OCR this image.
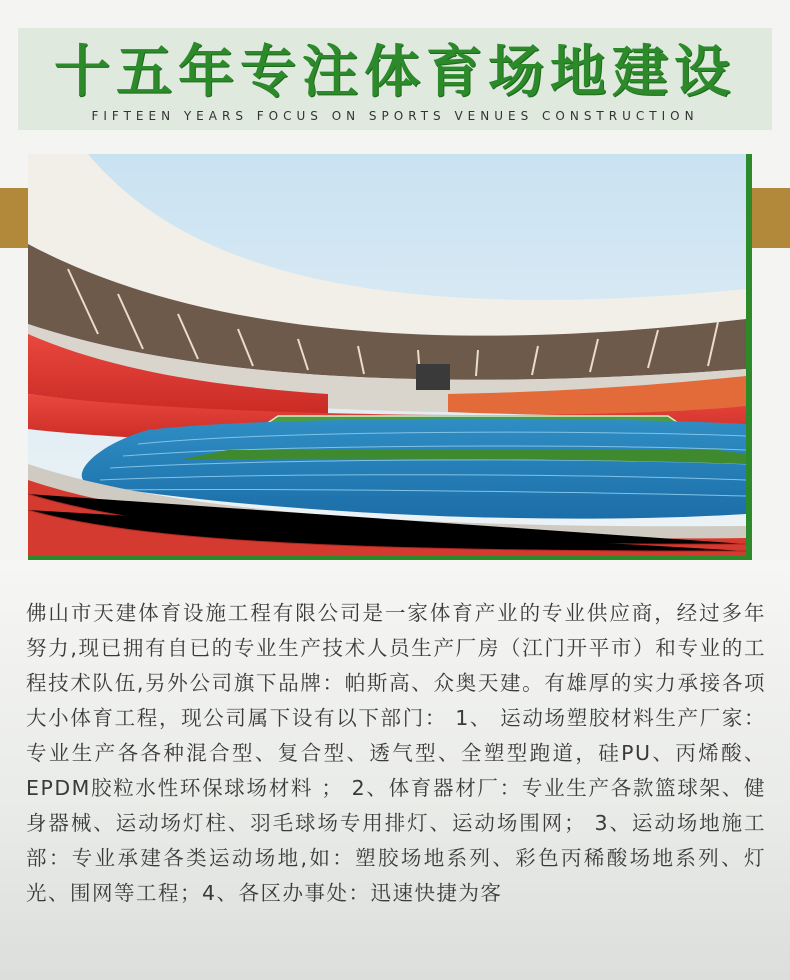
十五年专注体育场地建设
FIFTEEN YEARS FOCUS ON SPORTS VENUES CONSTRUCTION
佛山市天建体育设施工程有限公司是一家体育产业的专业供应商，经过多年努力,现已拥有自已的专业生产技术人员生产厂房（江门开平市）和专业的工程技术队伍,另外公司旗下品牌：帕斯高、众奥天建。有雄厚的实力承接各项大小体育工程，现公司属下设有以下部门： 1、 运动场塑胶材料生产厂家： 专业生产各各种混合型、复合型、透气型、全塑型跑道，硅PU、丙烯酸、EPDM胶粒水性环保球场材料 ； 2、体育器材厂：专业生产各款篮球架、健身器械、运动场灯柱、羽毛球场专用排灯、运动场围网； 3、运动场地施工部：专业承建各类运动场地,如：塑胶场地系列、彩色丙稀酸场地系列、灯光、围网等工程；4、各区办事处：迅速快捷为客
